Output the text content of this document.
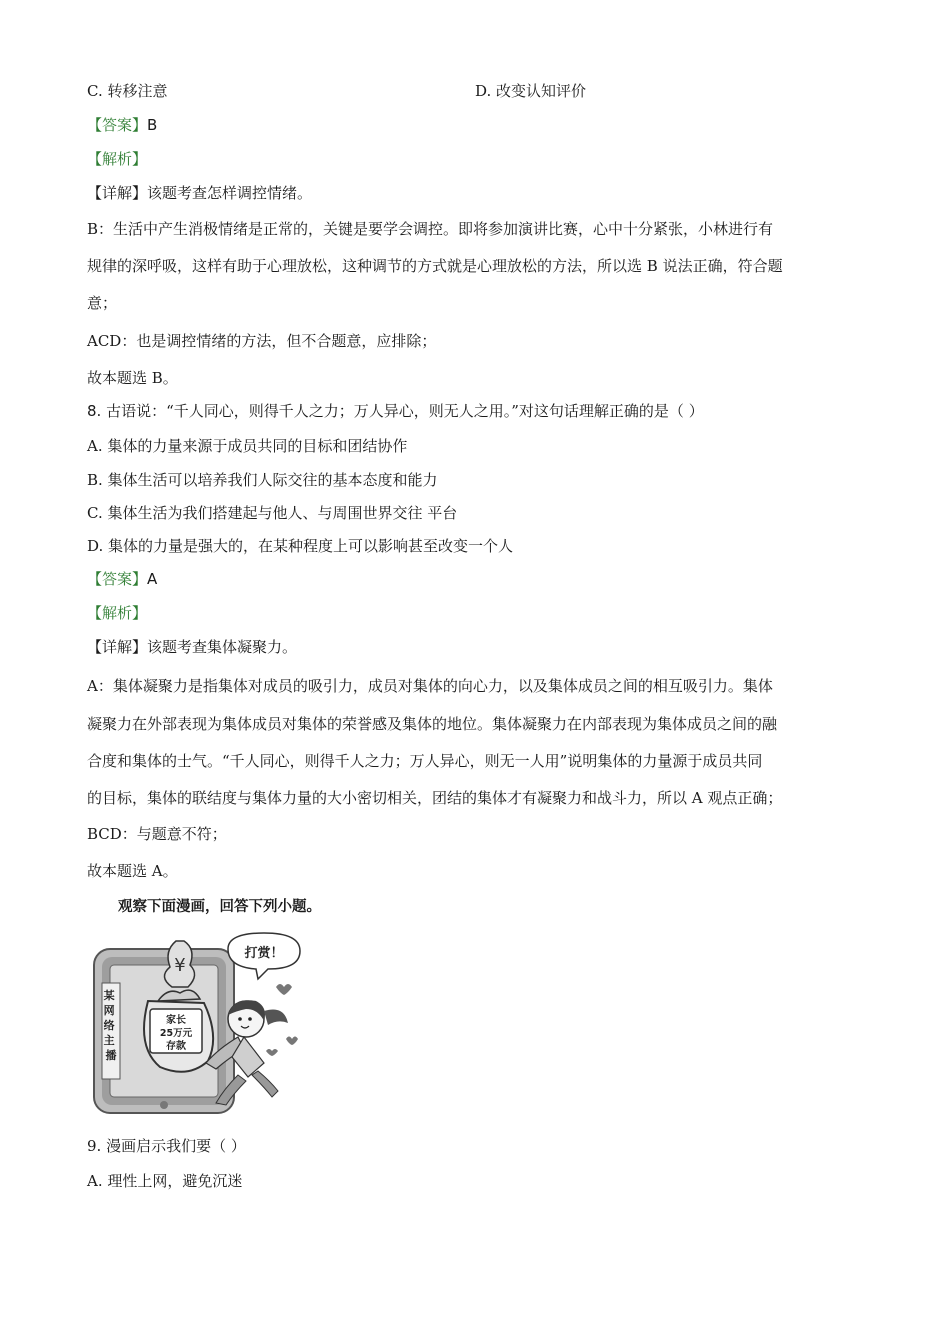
C. 转移注意	D. 改变认知评价
【答案】B
【解析】
【详解】该题考查怎样调控情绪。
B：生活中产生消极情绪是正常的，关键是要学会调控。即将参加演讲比赛，心中十分紧张，小林进行有
规律的深呼吸，这样有助于心理放松，这种调节的方式就是心理放松的方法，所以选 B 说法正确，符合题
意；
ACD：也是调控情绪的方法，但不合题意，应排除；
故本题选 B。
8. 古语说：“千人同心，则得千人之力；万人异心，则无人之用。”对这句话理解正确的是（ ）
A. 集体的力量来源于成员共同的目标和团结协作
B. 集体生活可以培养我们人际交往的基本态度和能力
C. 集体生活为我们搭建起与他人、与周围世界交往 平台
D. 集体的力量是强大的，在某种程度上可以影响甚至改变一个人
【答案】A
【解析】
【详解】该题考查集体凝聚力。
A：集体凝聚力是指集体对成员的吸引力，成员对集体的向心力，以及集体成员之间的相互吸引力。集体
凝聚力在外部表现为集体成员对集体的荣誉感及集体的地位。集体凝聚力在内部表现为集体成员之间的融
合度和集体的士气。“千人同心，则得千人之力；万人异心，则无一人用”说明集体的力量源于成员共同
的目标，集体的联结度与集体力量的大小密切相关，团结的集体才有凝聚力和战斗力，所以 A 观点正确；
BCD：与题意不符；
故本题选 A。
观察下面漫画，回答下列小题。
某 网 络 主 播
¥
家长
25万元
存款
打赏！
9. 漫画启示我们要（ ）
A. 理性上网，避免沉迷
